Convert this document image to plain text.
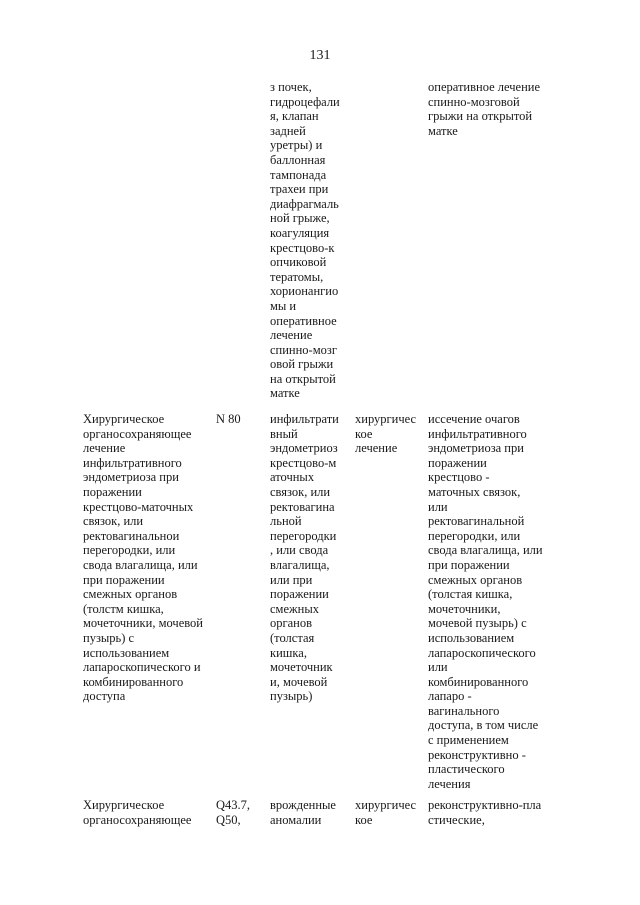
131
з почек,
гидроцефали
я, клапан
задней
уретры) и
баллонная
тампонада
трахеи при
диафрагмаль
ной грыже,
коагуляция
крестцово-к
опчиковой
тератомы,
хорионангио
мы и
оперативное
лечение
спинно-мозг
овой грыжи
на открытой
матке
оперативное лечение
спинно-мозговой
грыжи на открытой
матке
Хирургическое
органосохраняющее
лечение
инфильтративного
эндометриоза при
поражении
крестцово-маточных
связок, или
ректовагинальнои
перегородки, или
свода влагалища, или
при поражении
смежных органов
(толстм кишка,
мочеточники, мочевой
пузырь) с
использованием
лапароскопического и
комбинированного
доступа
N 80 инфильтрати
вный
эндометриоз
крестцово-м
аточных
связок, или
ректовагина
льной
перегородки
, или свода
влагалища,
или при
поражении
смежных
органов
(толстая
кишка,
мочеточник
и, мочевой
пузырь)
хирургичес
кое
лечение
иссечение очагов
инфильтративного
эндометриоза при
поражении
крестцово -
маточных связок,
или
ректовагинальной
перегородки, или
свода влагалища, или
при поражении
смежных органов
(толстая кишка,
мочеточники,
мочевой пузырь) с
использованием
лапароскопического
или
комбинированного
лапаро -
вагинального
доступа, в том числе
с применением
реконструктивно -
пластического
лечения
Хирургическое
органосохраняющее
Q43.7,
Q50,
врожденные
аномалии
хирургичес
кое
реконструктивно-пла
стические,
